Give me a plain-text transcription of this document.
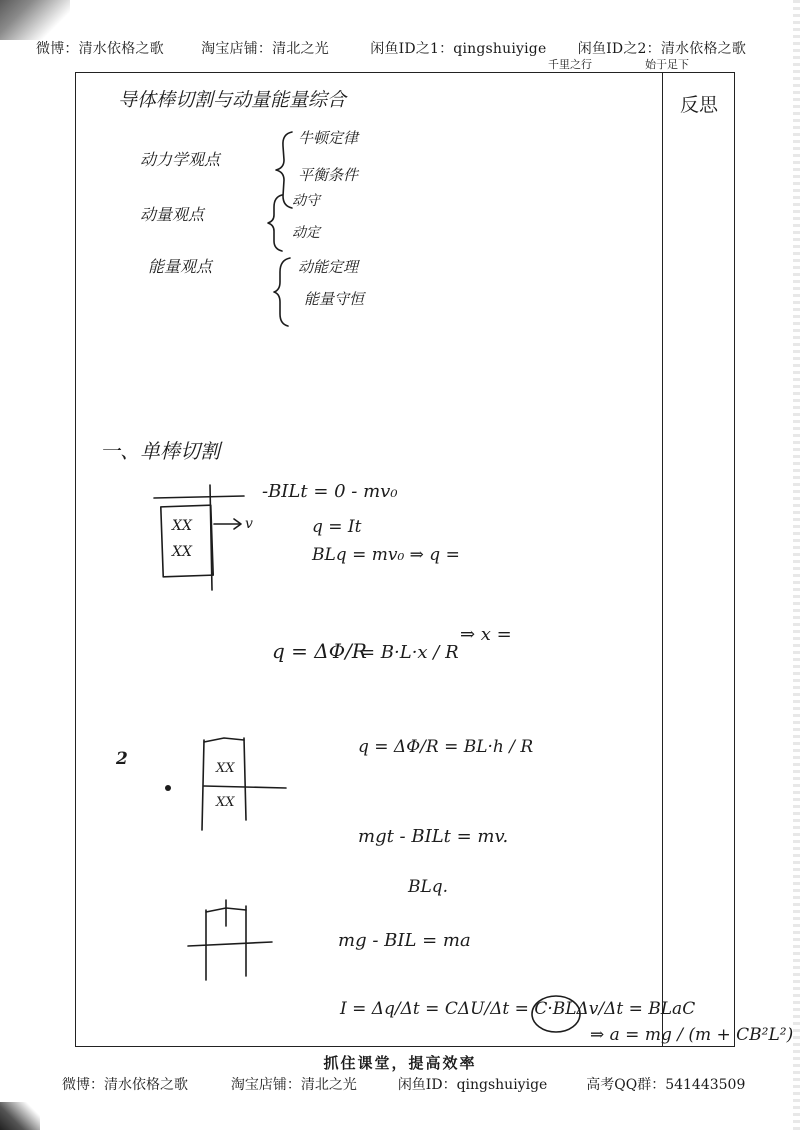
微博：清水依格之歌	淘宝店铺：清北之光	闲鱼ID之1：qingshuiyige 闲鱼ID之2：清水依格之歌
千里之行	始于足下
反思
导体棒切割与动量能量综合
动力学观点
牛顿定律
平衡条件
动量观点
动守
动定
能量观点	动能定理
能量守恒
一、单棒切割
XX
XX
v
-BILt = 0 - mv₀
q = It
BLq = mv₀ ⇒ q =
q = ΔΦ/R
= B·L·x / R
⇒ x =
2	XX
XX
q = ΔΦ/R = BL·h / R
mgt - BILt = mv.
BLq.
mg - BIL = ma
I = Δq/Δt = CΔU/Δt = C·BLΔv/Δt = BLaC
⇒ a = mg / (m + CB²L²)
抓住课堂，提高效率
微博：清水依格之歌	淘宝店铺：清北之光	闲鱼ID：qingshuiyige	高考QQ群：541443509
